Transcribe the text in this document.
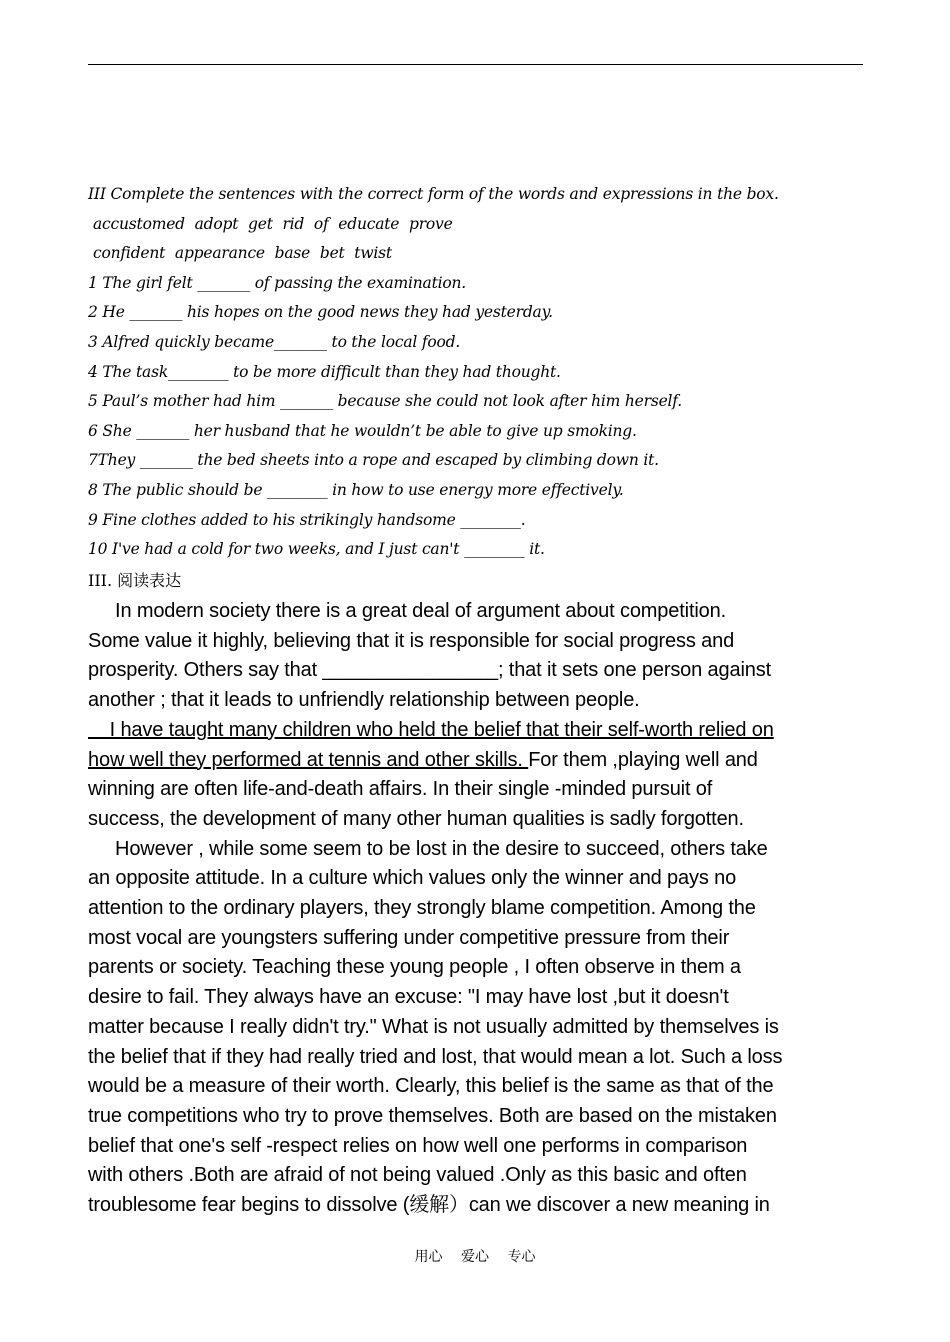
III Complete the sentences with the correct form of the words and expressions in the box.
accustomed adopt get rid of educate prove
confident appearance base bet twist
1 The girl felt _______ of passing the examination.
2 He _______ his hopes on the good news they had yesterday.
3 Alfred quickly became_______ to the local food.
4 The task________ to be more difficult than they had thought.
5 Paul’s mother had him _______ because she could not look after him herself.
6 She _______ her husband that he wouldn’t be able to give up smoking.
7They _______ the bed sheets into a rope and escaped by climbing down it.
8 The public should be ________ in how to use energy more effectively.
9 Fine clothes added to his strikingly handsome ________.
10 I've had a cold for two weeks, and I just can't ________ it.
III. 阅读表达
In modern society there is a great deal of argument about competition.
Some value it highly, believing that it is responsible for social progress and
prosperity. Others say that ________________; that it sets one person against
another ; that it leads to unfriendly relationship between people.
I have taught many children who held the belief that their self-worth relied on
how well they performed at tennis and other skills. For them ,playing well and
winning are often life-and-death affairs. In their single -minded pursuit of
success, the development of many other human qualities is sadly forgotten.
However , while some seem to be lost in the desire to succeed, others take
an opposite attitude. In a culture which values only the winner and pays no
attention to the ordinary players, they strongly blame competition. Among the
most vocal are youngsters suffering under competitive pressure from their
parents or society. Teaching these young people , I often observe in them a
desire to fail. They always have an excuse: "I may have lost ,but it doesn't
matter because I really didn't try." What is not usually admitted by themselves is
the belief that if they had really tried and lost, that would mean a lot. Such a loss
would be a measure of their worth. Clearly, this belief is the same as that of the
true competitions who try to prove themselves. Both are based on the mistaken
belief that one's self -respect relies on how well one performs in comparison
with others .Both are afraid of not being valued .Only as this basic and often
troublesome fear begins to dissolve (缓解）can we discover a new meaning in
用心 爱心 专心
